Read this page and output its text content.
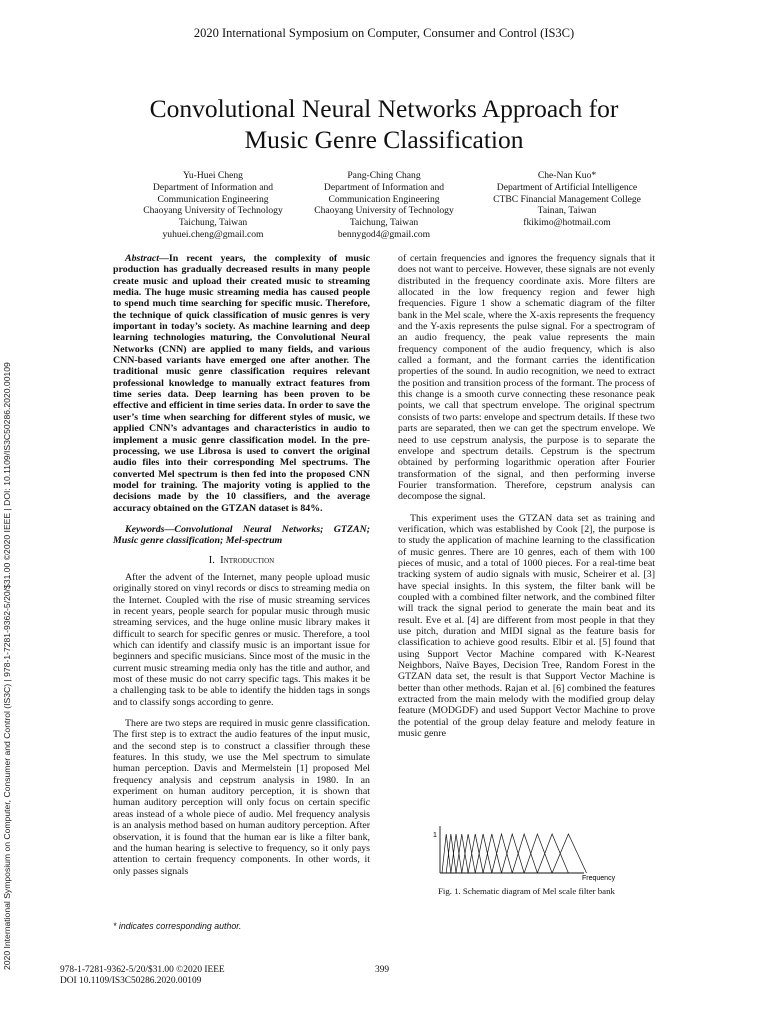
2020 International Symposium on Computer, Consumer and Control (IS3C)
Convolutional Neural Networks Approach for
Music Genre Classification
Yu-Huei Cheng
Department of Information and
Communication Engineering
Chaoyang University of Technology
Taichung, Taiwan
yuhuei.cheng@gmail.com
Pang-Ching Chang
Department of Information and
Communication Engineering
Chaoyang University of Technology
Taichung, Taiwan
bennygod4@gmail.com
Che-Nan Kuo*
Department of Artificial Intelligence
CTBC Financial Management College
Tainan, Taiwan
fkikimo@hotmail.com
2020 International Symposium on Computer, Consumer and Control (IS3C) | 978-1-7281-9362-5/20/$31.00 ©2020 IEEE | DOI: 10.1109/IS3C50286.2020.00109

Abstract—In recent years, the complexity of music production has gradually decreased results in many people create music and upload their created music to streaming media. The huge music streaming media has caused people to spend much time searching for specific music. Therefore, the technique of quick classification of music genres is very important in today’s society. As machine learning and deep learning technologies maturing, the Convolutional Neural Networks (CNN) are applied to many fields, and various CNN-based variants have emerged one after another. The traditional music genre classification requires relevant professional knowledge to manually extract features from time series data. Deep learning has been proven to be effective and efficient in time series data. In order to save the user’s time when searching for different styles of music, we applied CNN’s advantages and characteristics in audio to implement a music genre classification model. In the pre-processing, we use Librosa is used to convert the original audio files into their corresponding Mel spectrums. The converted Mel spectrum is then fed into the proposed CNN model for training. The majority voting is applied to the decisions made by the 10 classifiers, and the average accuracy obtained on the GTZAN dataset is 84%.

Keywords—Convolutional Neural Networks; GTZAN; Music genre classification; Mel-spectrum

I. Introduction

After the advent of the Internet, many people upload music originally stored on vinyl records or discs to streaming media on the Internet. Coupled with the rise of music streaming services in recent years, people search for popular music through music streaming services, and the huge online music library makes it difficult to search for specific genres or music. Therefore, a tool which can identify and classify music is an important issue for beginners and specific musicians. Since most of the music in the current music streaming media only has the title and author, and most of these music do not carry specific tags. This makes it be a challenging task to be able to identify the hidden tags in songs and to classify songs according to genre.

There are two steps are required in music genre classification. The first step is to extract the audio features of the input music, and the second step is to construct a classifier through these features. In this study, we use the Mel spectrum to simulate human perception. Davis and Mermelstein [1] proposed Mel frequency analysis and cepstrum analysis in 1980. In an experiment on human auditory perception, it is shown that human auditory perception will only focus on certain specific areas instead of a whole piece of audio. Mel frequency analysis is an analysis method based on human auditory perception. After observation, it is found that the human ear is like a filter bank, and the human hearing is selective to frequency, so it only pays attention to certain frequency components. In other words, it only passes signals

of certain frequencies and ignores the frequency signals that it does not want to perceive. However, these signals are not evenly distributed in the frequency coordinate axis. More filters are allocated in the low frequency region and fewer high frequencies. Figure 1 show a schematic diagram of the filter bank in the Mel scale, where the X-axis represents the frequency and the Y-axis represents the pulse signal. For a spectrogram of an audio frequency, the peak value represents the main frequency component of the audio frequency, which is also called a formant, and the formant carries the identification properties of the sound. In audio recognition, we need to extract the position and transition process of the formant. The process of this change is a smooth curve connecting these resonance peak points, we call that spectrum envelope. The original spectrum consists of two parts: envelope and spectrum details. If these two parts are separated, then we can get the spectrum envelope. We need to use cepstrum analysis, the purpose is to separate the envelope and spectrum details. Cepstrum is the spectrum obtained by performing logarithmic operation after Fourier transformation of the signal, and then performing inverse Fourier transformation. Therefore, cepstrum analysis can decompose the signal.

This experiment uses the GTZAN data set as training and verification, which was established by Cook [2], the purpose is to study the application of machine learning to the classification of music genres. There are 10 genres, each of them with 100 pieces of music, and a total of 1000 pieces. For a real-time beat tracking system of audio signals with music, Scheirer et al. [3] have special insights. In this system, the filter bank will be coupled with a combined filter network, and the combined filter will track the signal period to generate the main beat and its result. Eve et al. [4] are different from most people in that they use pitch, duration and MIDI signal as the feature basis for classification to achieve good results. Elbir et al. [5] found that using Support Vector Machine compared with K-Nearest Neighbors, Naïve Bayes, Decision Tree, Random Forest in the GTZAN data set, the result is that Support Vector Machine is better than other methods. Rajan et al. [6] combined the features extracted from the main melody with the modified group delay feature (MODGDF) and used Support Vector Machine to prove the potential of the group delay feature and melody feature in music genre

1
Frequency
Fig. 1. Schematic diagram of Mel scale filter bank
* indicates corresponding author.
978-1-7281-9362-5/20/$31.00 ©2020 IEEE
DOI 10.1109/IS3C50286.2020.00109
399
